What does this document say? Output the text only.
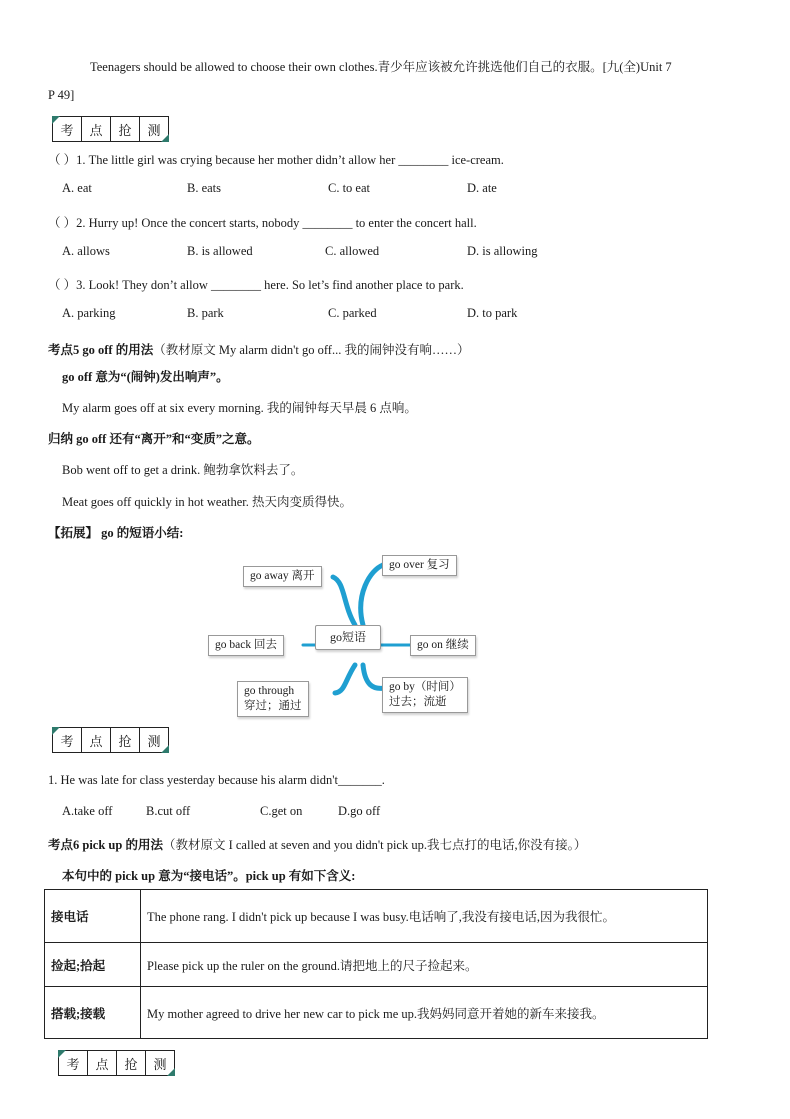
Teenagers should be allowed to choose their own clothes.青少年应该被允许挑选他们自己的衣服。[九(全)Unit 7
P 49]
考	点	抢	测
（ ）1. The little girl was crying because her mother didn’t allow her ________ ice-cream.
A. eat	B. eats	C. to eat	D. ate
（ ）2. Hurry up! Once the concert starts, nobody ________ to enter the concert hall.
A. allows	B. is allowed	C. allowed	D. is allowing
（ ）3. Look! They don’t allow ________ here. So let’s find another place to park.
A. parking	B. park	C. parked	D. to park
考点5 go off 的用法（教材原文 My alarm didn't go off... 我的闹钟没有响……）
go off 意为“(闹钟)发出响声”。
My alarm goes off at six every morning. 我的闹钟每天早晨 6 点响。
归纳 go off 还有“离开”和“变质”之意。
Bob went off to get a drink. 鲍勃拿饮料去了。
Meat goes off quickly in hot weather. 热天肉变质得快。
【拓展】 go 的短语小结:
go短语
go away 离开
go over 复习
go back 回去	go on 继续
go through
穿过；通过
go by（时间）
过去；流逝
考	点	抢	测
1. He was late for class yesterday because his alarm didn't_______.
A.take off	B.cut off	C.get on	D.go off
考点6 pick up 的用法（教材原文 I called at seven and you didn't pick up.我七点打的电话,你没有接。）
本句中的 pick up 意为“接电话”。pick up 有如下含义:
接电话	The phone rang. I didn't pick up because I was busy.电话响了,我没有接电话,因为我很忙。
捡起;拾起	Please pick up the ruler on the ground.请把地上的尺子捡起来。
搭载;接载	My mother agreed to drive her new car to pick me up.我妈妈同意开着她的新车来接我。
考	点	抢	测
